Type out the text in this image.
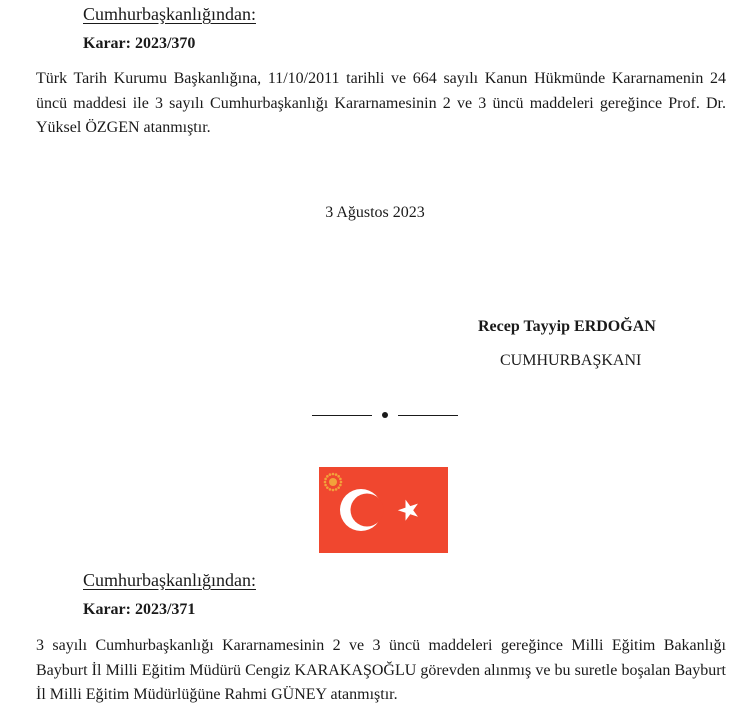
Cumhurbaşkanlığından:
Karar: 2023/370
Türk Tarih Kurumu Başkanlığına, 11/10/2011 tarihli ve 664 sayılı Kanun Hükmünde Kararnamenin 24 üncü maddesi ile 3 sayılı Cumhurbaşkanlığı Kararnamesinin 2 ve 3 üncü maddeleri gereğince Prof. Dr. Yüksel ÖZGEN atanmıştır.
3 Ağustos 2023
Recep Tayyip ERDOĞAN
CUMHURBAŞKANI
Cumhurbaşkanlığından:
Karar: 2023/371
3 sayılı Cumhurbaşkanlığı Kararnamesinin 2 ve 3 üncü maddeleri gereğince Milli Eğitim Bakanlığı Bayburt İl Milli Eğitim Müdürü Cengiz KARAKAŞOĞLU görevden alınmış ve bu suretle boşalan Bayburt İl Milli Eğitim Müdürlüğüne Rahmi GÜNEY atanmıştır.
